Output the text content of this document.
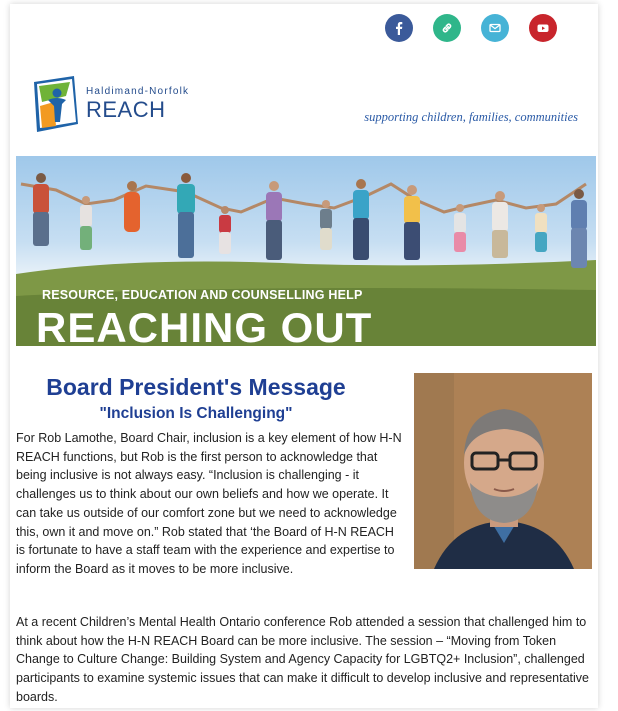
Haldimand-Norfolk
REACH	supporting children, families, communities
RESOURCE, EDUCATION AND COUNSELLING HELP
REACHING OUT
Board President's Message
"Inclusion Is Challenging"
For Rob Lamothe, Board Chair, inclusion is a key element of how H-N REACH functions, but Rob is the first person to acknowledge that being inclusive is not always easy. “Inclusion is challenging - it challenges us to think about our own beliefs and how we operate. It can take us outside of our comfort zone but we need to acknowledge this, own it and move on.” Rob stated that ‘the Board of H-N REACH is fortunate to have a staff team with the experience and expertise to inform the Board as it moves to be more inclusive.
At a recent Children’s Mental Health Ontario conference Rob attended a session that challenged him to think about how the H-N REACH Board can be more inclusive. The session – “Moving from Token Change to Culture Change: Building System and Agency Capacity for LGBTQ2+ Inclusion”, challenged participants to examine systemic issues that can make it difficult to develop inclusive and representative boards.
